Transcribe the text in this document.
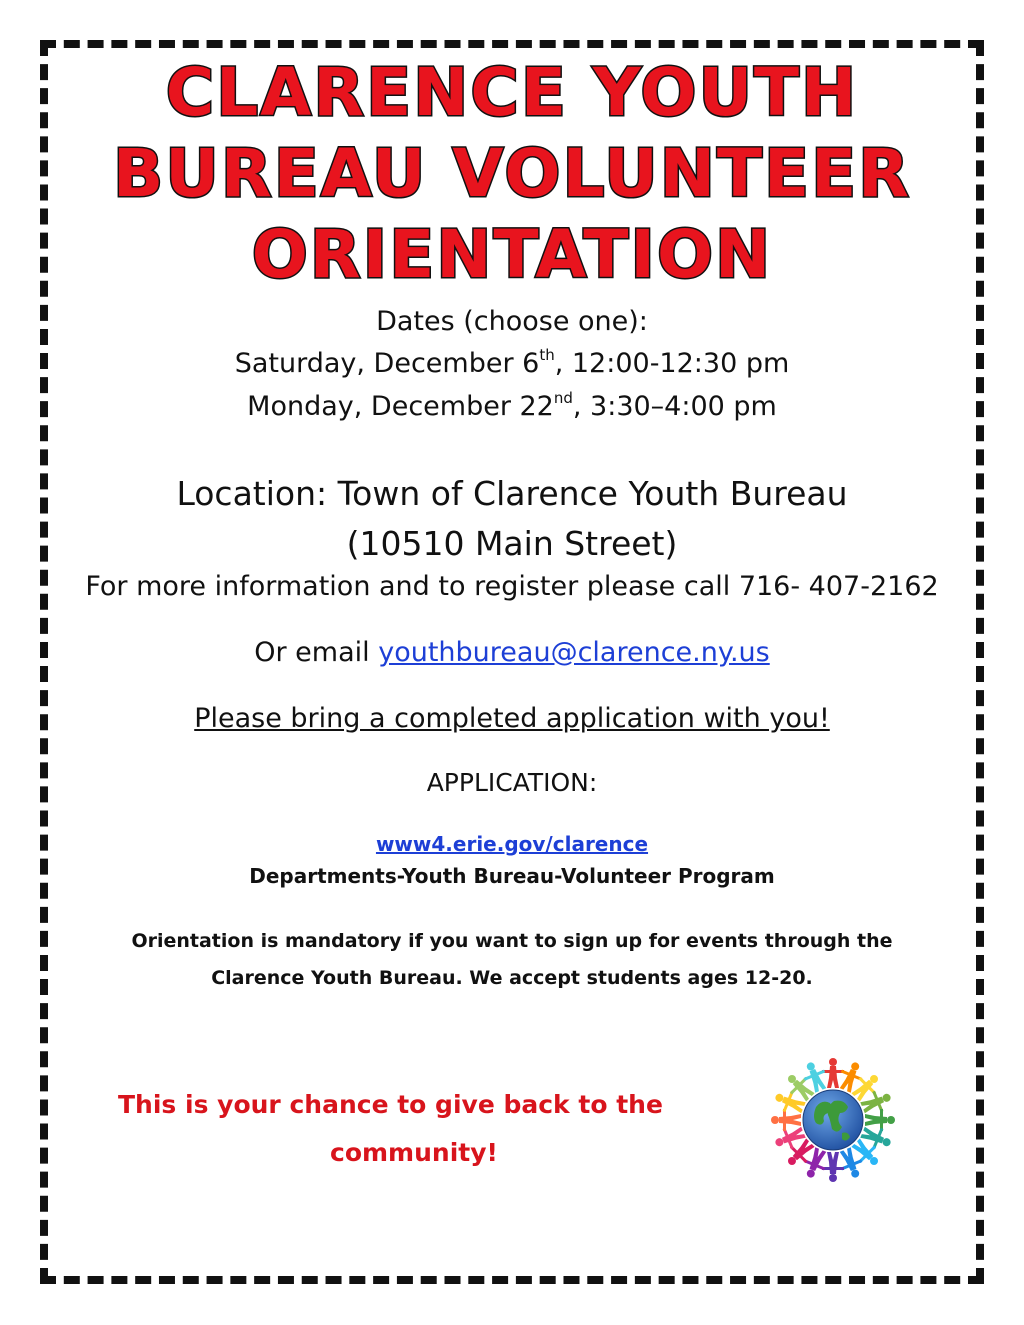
CLARENCE YOUTH
BUREAU VOLUNTEER
ORIENTATION
Dates (choose one):
Saturday, December 6th, 12:00-12:30 pm
Monday, December 22nd, 3:30–4:00 pm
Location: Town of Clarence Youth Bureau
(10510 Main Street)
For more information and to register please call 716- 407-2162
Or email youthbureau@clarence.ny.us
Please bring a completed application with you!
APPLICATION:
www4.erie.gov/clarence
Departments-Youth Bureau-Volunteer Program
Orientation is mandatory if you want to sign up for events through the
Clarence Youth Bureau. We accept students ages 12-20.
This is your chance to give back to the
community!
